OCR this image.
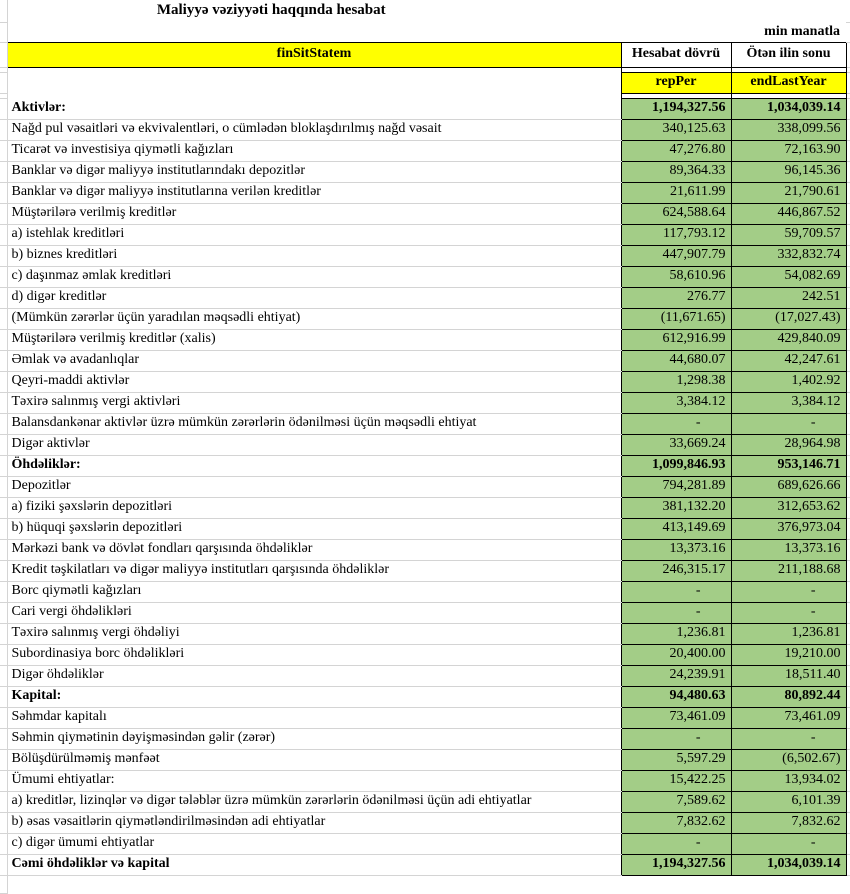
	Maliyyə vəziyyəti haqqında hesabat			
		min manatla		
	finSitStatem	Hesabat dövrü	Ötən ilin sonu	

		repPer	endLastYear	

	Aktivlər:	1,194,327.56	1,034,039.14	
	Nağd pul vəsaitləri və ekvivalentləri, o cümlədən bloklaşdırılmış nağd vəsait	340,125.63	338,099.56	
	Ticarət və investisiya qiymətli kağızları	47,276.80	72,163.90	
	Banklar və digər maliyyə institutlarındakı depozitlər	89,364.33	96,145.36	
	Banklar və digər maliyyə institutlarına verilən kreditlər	21,611.99	21,790.61	
	Müştərilərə verilmiş kreditlər	624,588.64	446,867.52	
	a) istehlak kreditləri	117,793.12	59,709.57	
	b) biznes kreditləri	447,907.79	332,832.74	
	c) daşınmaz əmlak kreditləri	58,610.96	54,082.69	
	d) digər kreditlər	276.77	242.51	
	(Mümkün zərərlər üçün yaradılan məqsədli ehtiyat)	(11,671.65)	(17,027.43)	
	Müştərilərə verilmiş kreditlər (xalis)	612,916.99	429,840.09	
	Əmlak və avadanlıqlar	44,680.07	42,247.61	
	Qeyri-maddi aktivlər	1,298.38	1,402.92	
	Təxirə salınmış vergi aktivləri	3,384.12	3,384.12	
	Balansdankənar aktivlər üzrə mümkün zərərlərin ödənilməsi üçün məqsədli ehtiyat	-	-	
	Digər aktivlər	33,669.24	28,964.98	
	Öhdəliklər:	1,099,846.93	953,146.71	
	Depozitlər	794,281.89	689,626.66	
	a) fiziki şəxslərin depozitləri	381,132.20	312,653.62	
	b) hüquqi şəxslərin depozitləri	413,149.69	376,973.04	
	Mərkəzi bank və dövlət fondları qarşısında öhdəliklər	13,373.16	13,373.16	
	Kredit təşkilatları və digər maliyyə institutları qarşısında öhdəliklər	246,315.17	211,188.68	
	Borc qiymətli kağızları	-	-	
	Cari vergi öhdəlikləri	-	-	
	Təxirə salınmış vergi öhdəliyi	1,236.81	1,236.81	
	Subordinasiya borc öhdəlikləri	20,400.00	19,210.00	
	Digər öhdəliklər	24,239.91	18,511.40	
	Kapital:	94,480.63	80,892.44	
	Səhmdar kapitalı	73,461.09	73,461.09	
	Səhmin qiymətinin dəyişməsindən gəlir (zərər)	-	-	
	Bölüşdürülməmiş mənfəət	5,597.29	(6,502.67)	
	Ümumi ehtiyatlar:	15,422.25	13,934.02	
	a) kreditlər, lizinqlər və digər tələblər üzrə mümkün zərərlərin ödənilməsi üçün adi ehtiyatlar	7,589.62	6,101.39	
	b) əsas vəsaitlərin qiymətləndirilməsindən adi ehtiyatlar	7,832.62	7,832.62	
	c) digər ümumi ehtiyatlar	-	-	
	Cəmi öhdəliklər və kapital	1,194,327.56	1,034,039.14	
